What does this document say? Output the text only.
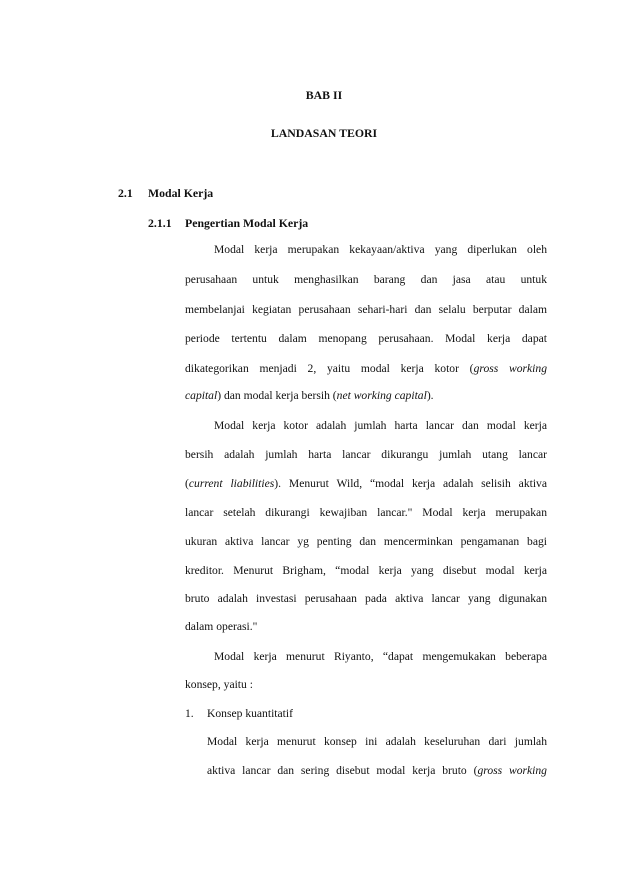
BAB II
LANDASAN TEORI
2.1 Modal Kerja
2.1.1 Pengertian Modal Kerja
Modal kerja merupakan kekayaan/aktiva yang diperlukan oleh
perusahaan untuk menghasilkan barang dan jasa atau untuk
membelanjai kegiatan perusahaan sehari-hari dan selalu berputar dalam
periode tertentu dalam menopang perusahaan. Modal kerja dapat
dikategorikan menjadi 2, yaitu modal kerja kotor (gross working
capital) dan modal kerja bersih (net working capital).
Modal kerja kotor adalah jumlah harta lancar dan modal kerja
bersih adalah jumlah harta lancar dikurangu jumlah utang lancar
(current liabilities). Menurut Wild, “modal kerja adalah selisih aktiva
lancar setelah dikurangi kewajiban lancar." Modal kerja merupakan
ukuran aktiva lancar yg penting dan mencerminkan pengamanan bagi
kreditor. Menurut Brigham, “modal kerja yang disebut modal kerja
bruto adalah investasi perusahaan pada aktiva lancar yang digunakan
dalam operasi."
Modal kerja menurut Riyanto, “dapat mengemukakan beberapa
konsep, yaitu :
1. Konsep kuantitatif
Modal kerja menurut konsep ini adalah keseluruhan dari jumlah
aktiva lancar dan sering disebut modal kerja bruto (gross working
